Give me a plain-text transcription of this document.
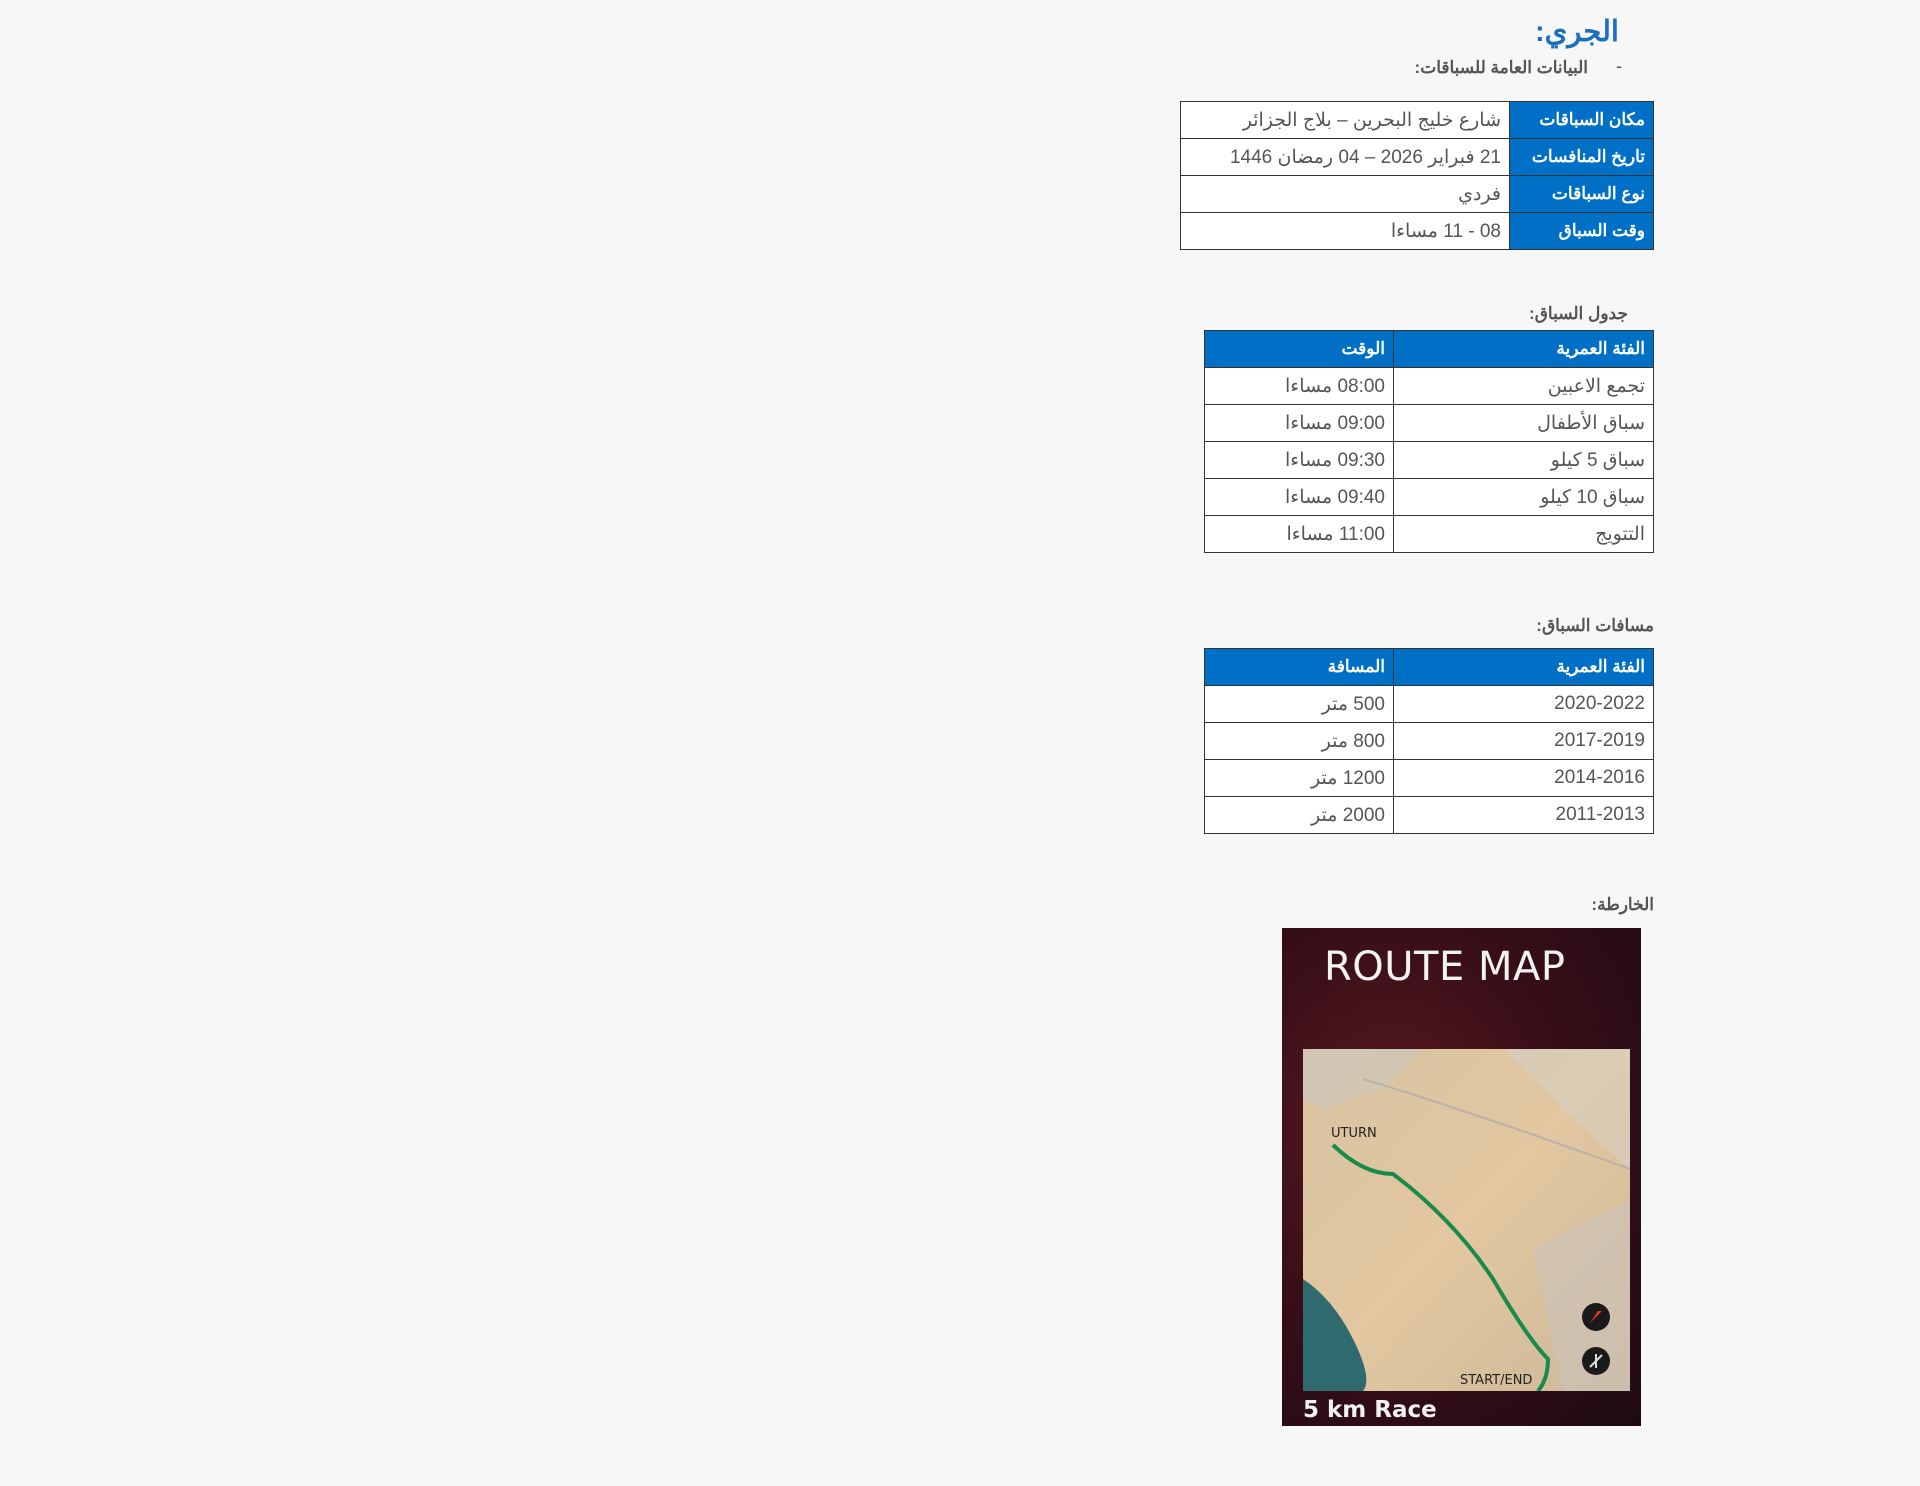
الجري:
-
البيانات العامة للسباقات:
مكان السباقات	شارع خليج البحرين – بلاج الجزائر
تاريخ المنافسات	21 فبراير 2026 – 04 رمضان 1446
نوع السباقات	فردي
وقت السباق	08 - 11 مساءا
جدول السباق:
الفئة العمرية	الوقت
تجمع الاعبين	08:00 مساءا
سباق الأطفال	09:00 مساءا
سباق 5 كيلو	09:30 مساءا
سباق 10 كيلو	09:40 مساءا
التتويج	11:00 مساءا
مسافات السباق:
الفئة العمرية	المسافة
2020-2022	500 متر
2017-2019	800 متر
2014-2016	1200 متر
2011-2013	2000 متر
الخارطة:
ROUTE MAP
UTURN
START/END
5 km Race
